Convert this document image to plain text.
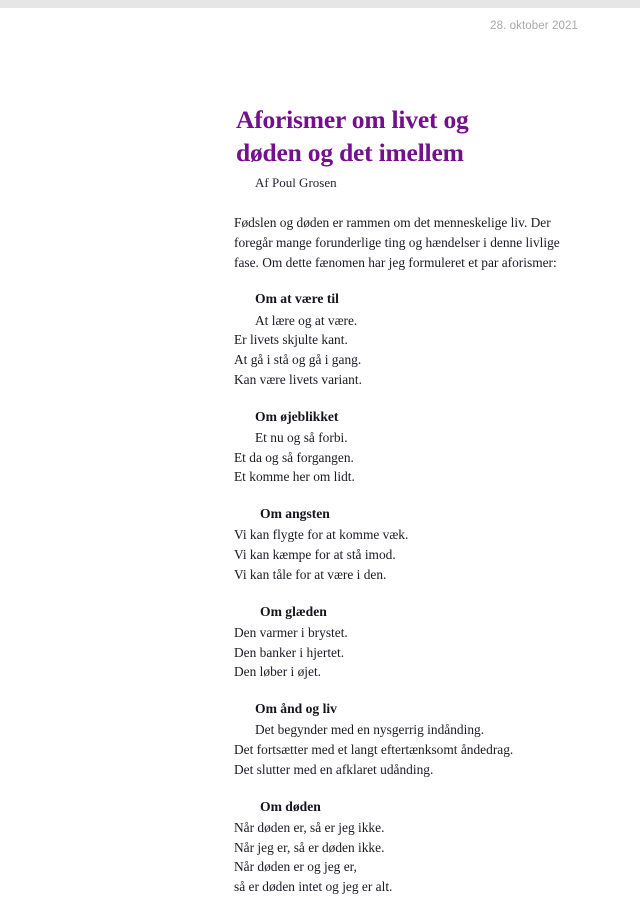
28. oktober 2021
Aforismer om livet og
døden og det imellem
Af Poul Grosen

Fødslen og døden er rammen om det menneskelige liv. Der foregår mange forunderlige ting og hændelser i denne livlige fase. Om dette fænomen har jeg formuleret et par aforismer:

Om at være til
At lære og at være.
Er livets skjulte kant.
At gå i stå og gå i gang.
Kan være livets variant.
Om øjeblikket
Et nu og så forbi.
Et da og så forgangen.
Et komme her om lidt.
Om angsten
Vi kan flygte for at komme væk.
Vi kan kæmpe for at stå imod.
Vi kan tåle for at være i den.
Om glæden
Den varmer i brystet.
Den banker i hjertet.
Den løber i øjet.
Om ånd og liv
Det begynder med en nysgerrig indånding.
Det fortsætter med et langt eftertænksomt åndedrag.
Det slutter med en afklaret udånding.
Om døden
Når døden er, så er jeg ikke.
Når jeg er, så er døden ikke.
Når døden er og jeg er,
så er døden intet og jeg er alt.
